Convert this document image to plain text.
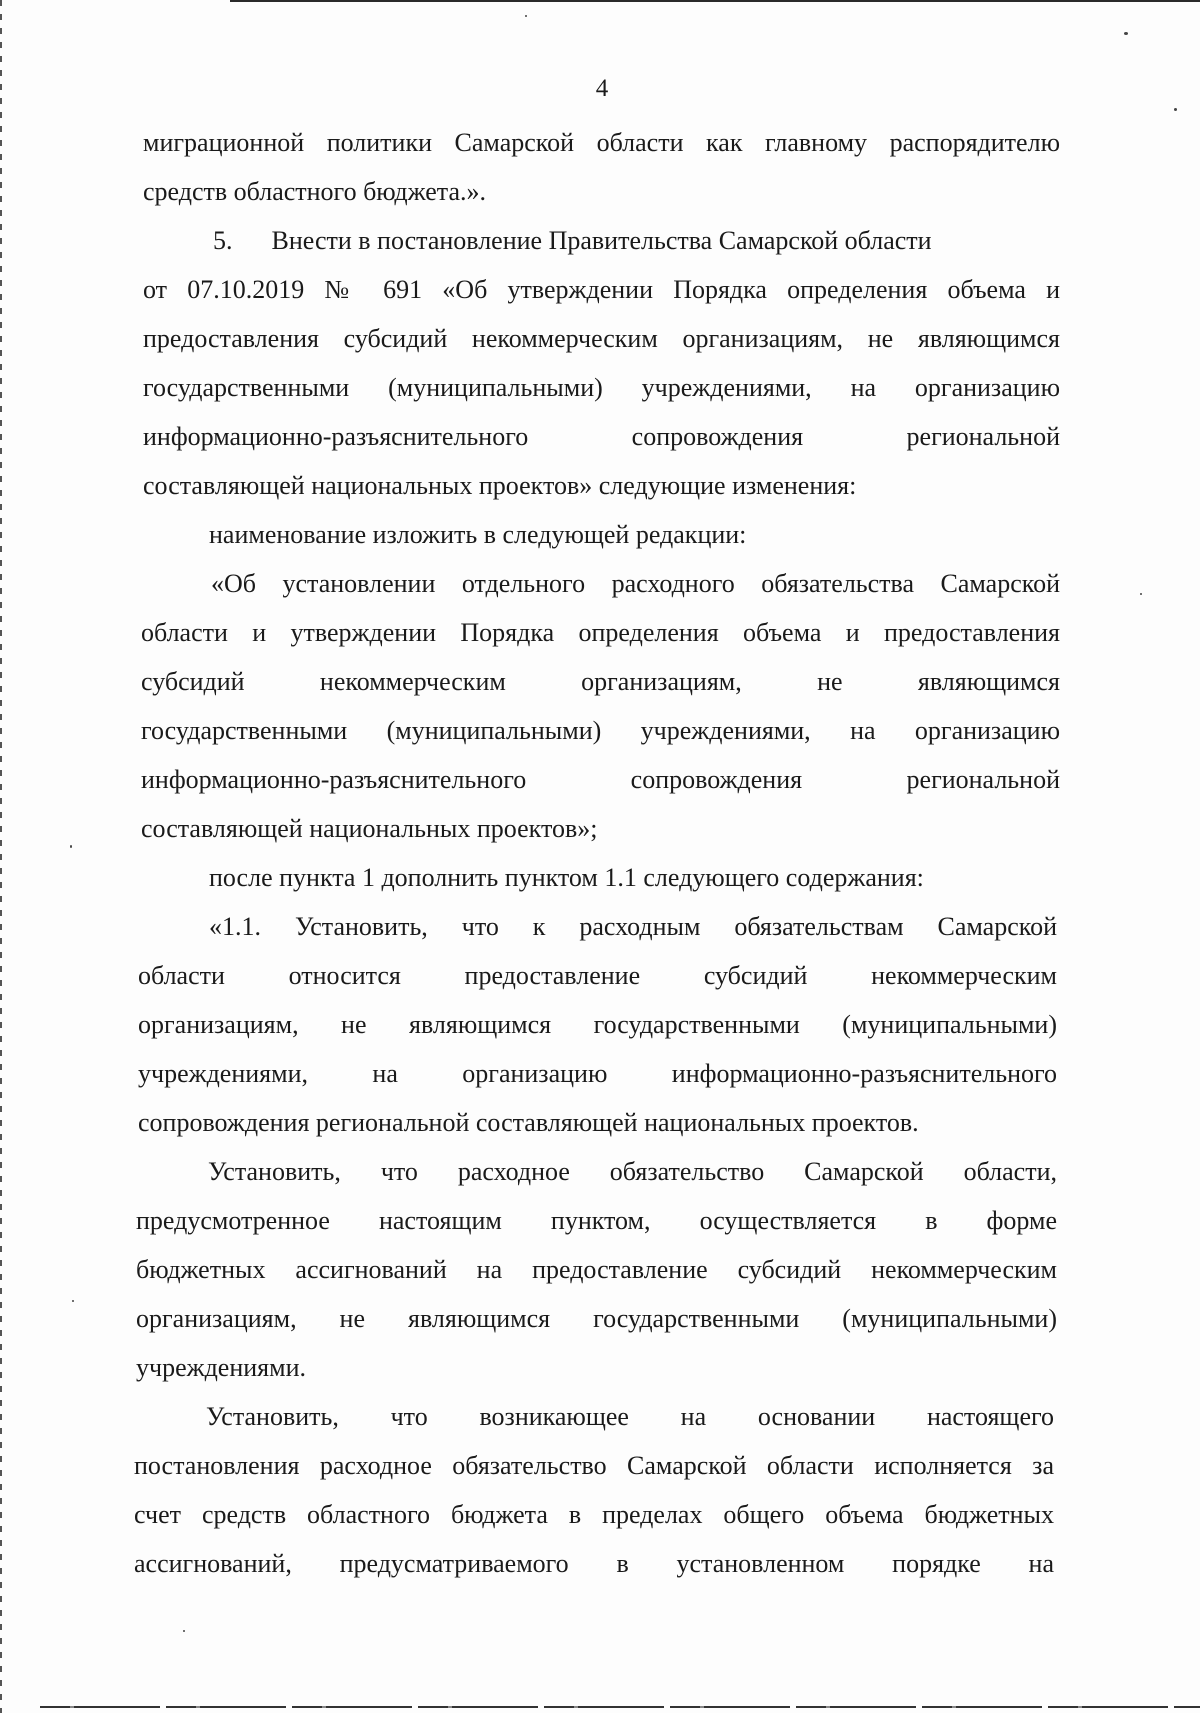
4
миграционной политики Самарской области как главному распорядителю
средств областного бюджета.».
5.      Внести в постановление Правительства Самарской области
от 07.10.2019 № 691 «Об утверждении Порядка определения объема и
предоставления субсидий некоммерческим организациям, не являющимся
государственными (муниципальными) учреждениями, на организацию
информационно-разъяснительного сопровождения региональной
составляющей национальных проектов» следующие изменения:
наименование изложить в следующей редакции:
«Об установлении отдельного расходного обязательства Самарской
области и утверждении Порядка определения объема и предоставления
субсидий некоммерческим организациям, не являющимся
государственными (муниципальными) учреждениями, на организацию
информационно-разъяснительного сопровождения региональной
составляющей национальных проектов»;
после пункта 1 дополнить пунктом 1.1 следующего содержания:
«1.1. Установить, что к расходным обязательствам Самарской
области относится предоставление субсидий некоммерческим
организациям, не являющимся государственными (муниципальными)
учреждениями, на организацию информационно-разъяснительного
сопровождения региональной составляющей национальных проектов.
Установить, что расходное обязательство Самарской области,
предусмотренное настоящим пунктом, осуществляется в форме
бюджетных ассигнований на предоставление субсидий некоммерческим
организациям, не являющимся государственными (муниципальными)
учреждениями.
Установить, что возникающее на основании настоящего
постановления расходное обязательство Самарской области исполняется за
счет средств областного бюджета в пределах общего объема бюджетных
ассигнований, предусматриваемого в установленном порядке на
